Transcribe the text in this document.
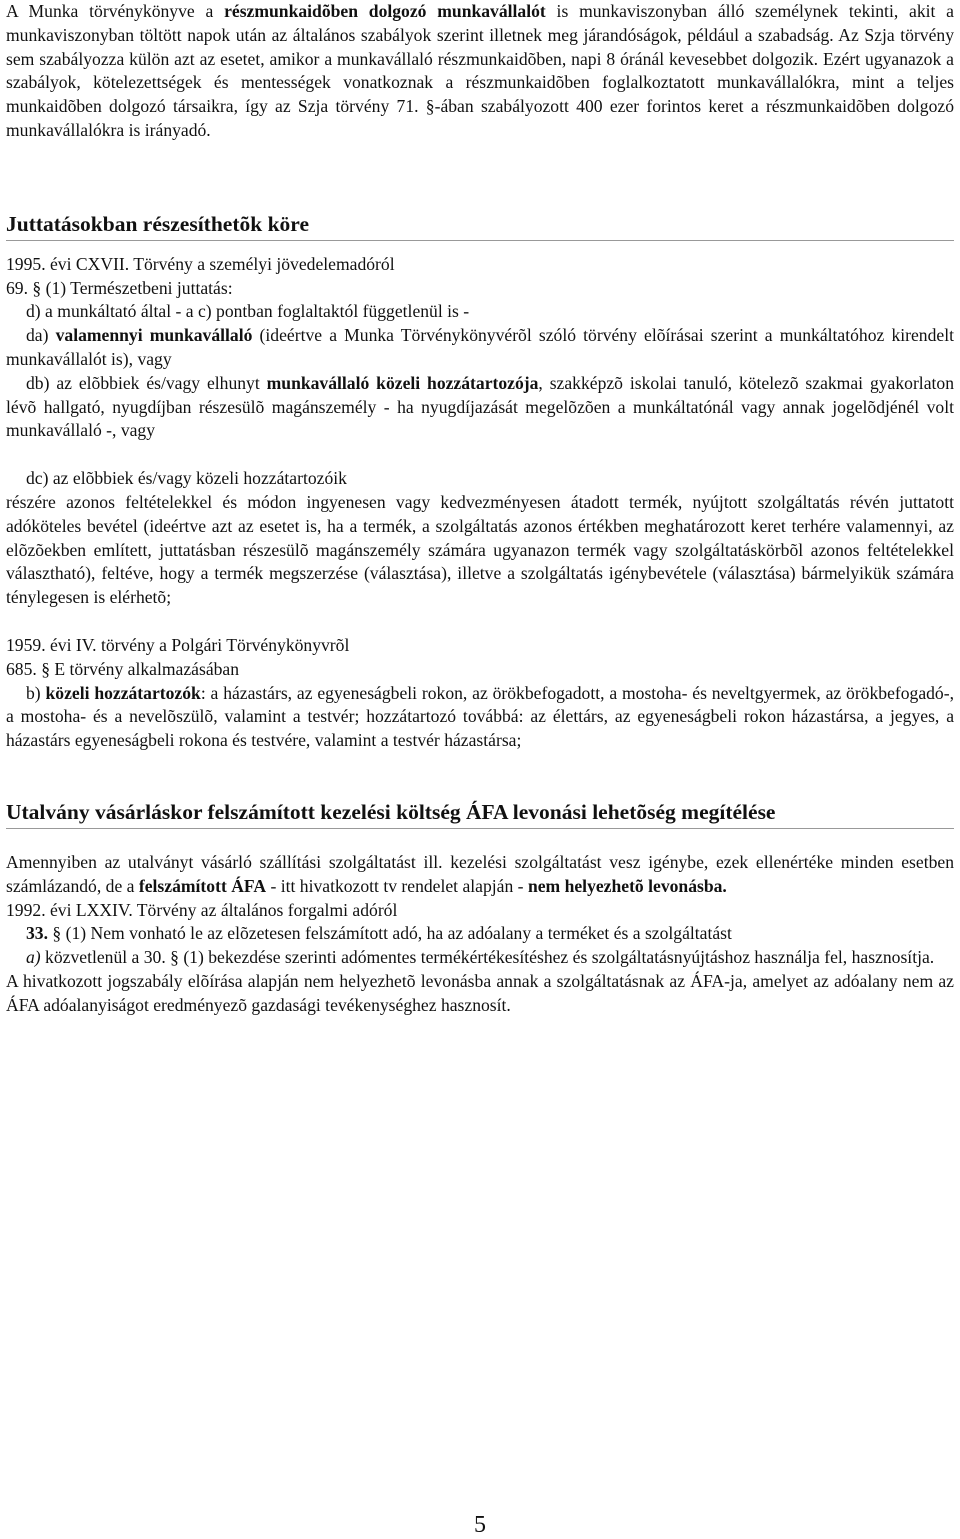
A Munka törvénykönyve a részmunkaidõben dolgozó munkavállalót is munkaviszonyban álló személynek tekinti, akit a munkaviszonyban töltött napok után az általános szabályok szerint illetnek meg járandóságok, például a szabadság. Az Szja törvény sem szabályozza külön azt az esetet, amikor a munkavállaló részmunkaidõben, napi 8 óránál kevesebbet dolgozik. Ezért ugyanazok a szabályok, kötelezettségek és mentességek vonatkoznak a részmunkaidõben foglalkoztatott munkavállalókra, mint a teljes munkaidõben dolgozó társaikra, így az Szja törvény 71. §-ában szabályozott 400 ezer forintos keret a részmunkaidõben dolgozó munkavállalókra is irányadó.

Juttatásokban részesíthetõk köre

1995. évi CXVII. Törvény a személyi jövedelemadóról

69. § (1) Természetbeni juttatás:

d) a munkáltató által - a c) pontban foglaltaktól függetlenül is -

da) valamennyi munkavállaló (ideértve a Munka Törvénykönyvérõl szóló törvény elõírásai szerint a munkáltatóhoz kirendelt munkavállalót is), vagy

db) az elõbbiek és/vagy elhunyt munkavállaló közeli hozzátartozója, szakképzõ iskolai tanuló, kötelezõ szakmai gyakorlaton lévõ hallgató, nyugdíjban részesülõ magánszemély - ha nyugdíjazását megelõzõen a munkáltatónál vagy annak jogelõdjénél volt munkavállaló -, vagy

dc) az elõbbiek és/vagy közeli hozzátartozóik

részére azonos feltételekkel és módon ingyenesen vagy kedvezményesen átadott termék, nyújtott szolgáltatás révén juttatott adóköteles bevétel (ideértve azt az esetet is, ha a termék, a szolgáltatás azonos értékben meghatározott keret terhére valamennyi, az elõzõekben említett, juttatásban részesülõ magánszemély számára ugyanazon termék vagy szolgáltatáskörbõl azonos feltételekkel választható), feltéve, hogy a termék megszerzése (választása), illetve a szolgáltatás igénybevétele (választása) bármelyikük számára ténylegesen is elérhetõ;

1959. évi IV. törvény a Polgári Törvénykönyvrõl

685. § E törvény alkalmazásában

b) közeli hozzátartozók: a házastárs, az egyeneságbeli rokon, az örökbefogadott, a mostoha- és neveltgyermek, az örökbefogadó-, a mostoha- és a nevelõszülõ, valamint a testvér; hozzátartozó továbbá: az élettárs, az egyeneságbeli rokon házastársa, a jegyes, a házastárs egyeneságbeli rokona és testvére, valamint a testvér házastársa;

Utalvány vásárláskor felszámított kezelési költség ÁFA levonási lehetõség megítélése

Amennyiben az utalványt vásárló szállítási szolgáltatást ill. kezelési szolgáltatást vesz igénybe, ezek ellenértéke minden esetben számlázandó, de a felszámított ÁFA - itt hivatkozott tv rendelet alapján - nem helyezhetõ levonásba.

1992. évi LXXIV. Törvény az általános forgalmi adóról

33. § (1) Nem vonható le az elõzetesen felszámított adó, ha az adóalany a terméket és a szolgáltatást

a) közvetlenül a 30. § (1) bekezdése szerinti adómentes termékértékesítéshez és szolgáltatásnyújtáshoz használja fel, hasznosítja.

A hivatkozott jogszabály elõírása alapján nem helyezhetõ levonásba annak a szolgáltatásnak az ÁFA-ja, amelyet az adóalany nem az ÁFA adóalanyiságot eredményezõ gazdasági tevékenységhez hasznosít.

5
